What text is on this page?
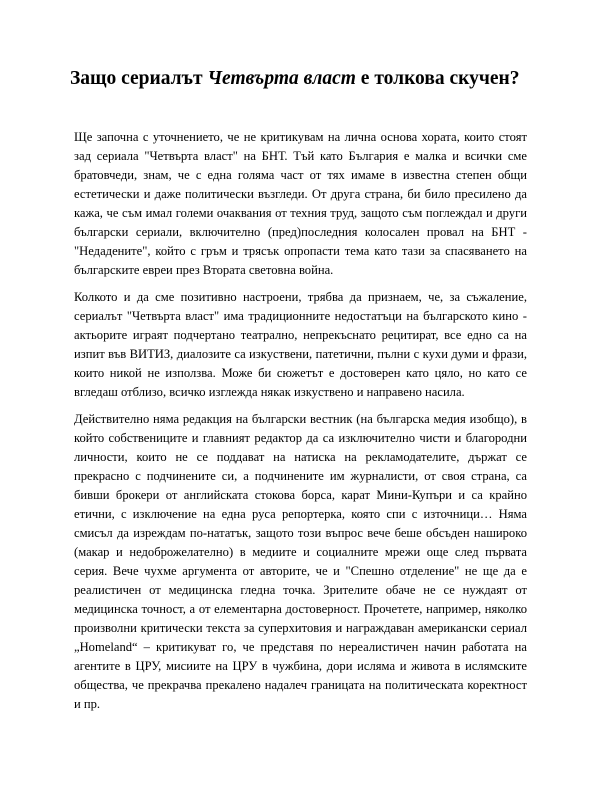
Защо сериалът Четвърта власт е толкова скучен?

Ще започна с уточнението, че не критикувам на лична основа хората, които стоят зад сериала "Четвърта власт" на БНТ. Тъй като България е малка и всички сме братовчеди, знам, че с една голяма част от тях имаме в известна степен общи естетически и даже политически възгледи. От друга страна, би било пресилено да кажа, че съм имал големи очаквания от техния труд, защото съм поглеждал и други български сериали, включително (пред)последния колосален провал на БНТ - "Недадените", който с гръм и трясък опропасти тема като тази за спасяването на българските евреи през Втората световна война.

Колкото и да сме позитивно настроени, трябва да признаем, че, за съжаление, сериалът "Четвърта власт" има традиционните недостатъци на българското кино - актьорите играят подчертано театрално, непрекъснато рецитират, все едно са на изпит във ВИТИЗ, диалозите са изкуствени, патетични, пълни с кухи думи и фрази, които никой не използва. Може би сюжетът е достоверен като цяло, но като се вгледаш отблизо, всичко изглежда някак изкуствено и направено насила.

Действително няма редакция на български вестник (на българска медия изобщо), в който собствениците и главният редактор да са изключително чисти и благородни личности, които не се поддават на натиска на рекламодателите, държат се прекрасно с подчинените си, а подчинените им журналисти, от своя страна, са бивши брокери от английската стокова борса, карат Мини-Купъри и са крайно етични, с изключение на една руса репортерка, която спи с източници… Няма смисъл да изреждам по-нататък, защото този въпрос вече беше обсъден нашироко (макар и недоброжелателно) в медиите и социалните мрежи още след първата серия. Вече чухме аргумента от авторите, че и "Спешно отделение" не ще да е реалистичен от медицинска гледна точка. Зрителите обаче не се нуждаят от медицинска точност, а от елементарна достоверност. Прочетете, например, няколко произволни критически текста за суперхитовия и награждаван американски сериал „Homeland“ – критикуват го, че представя по нереалистичен начин работата на агентите в ЦРУ, мисиите на ЦРУ в чужбина, дори ислямa и живота в ислямските общества, че прекрачва прекалено надалеч границата на политическата коректност и пр.
